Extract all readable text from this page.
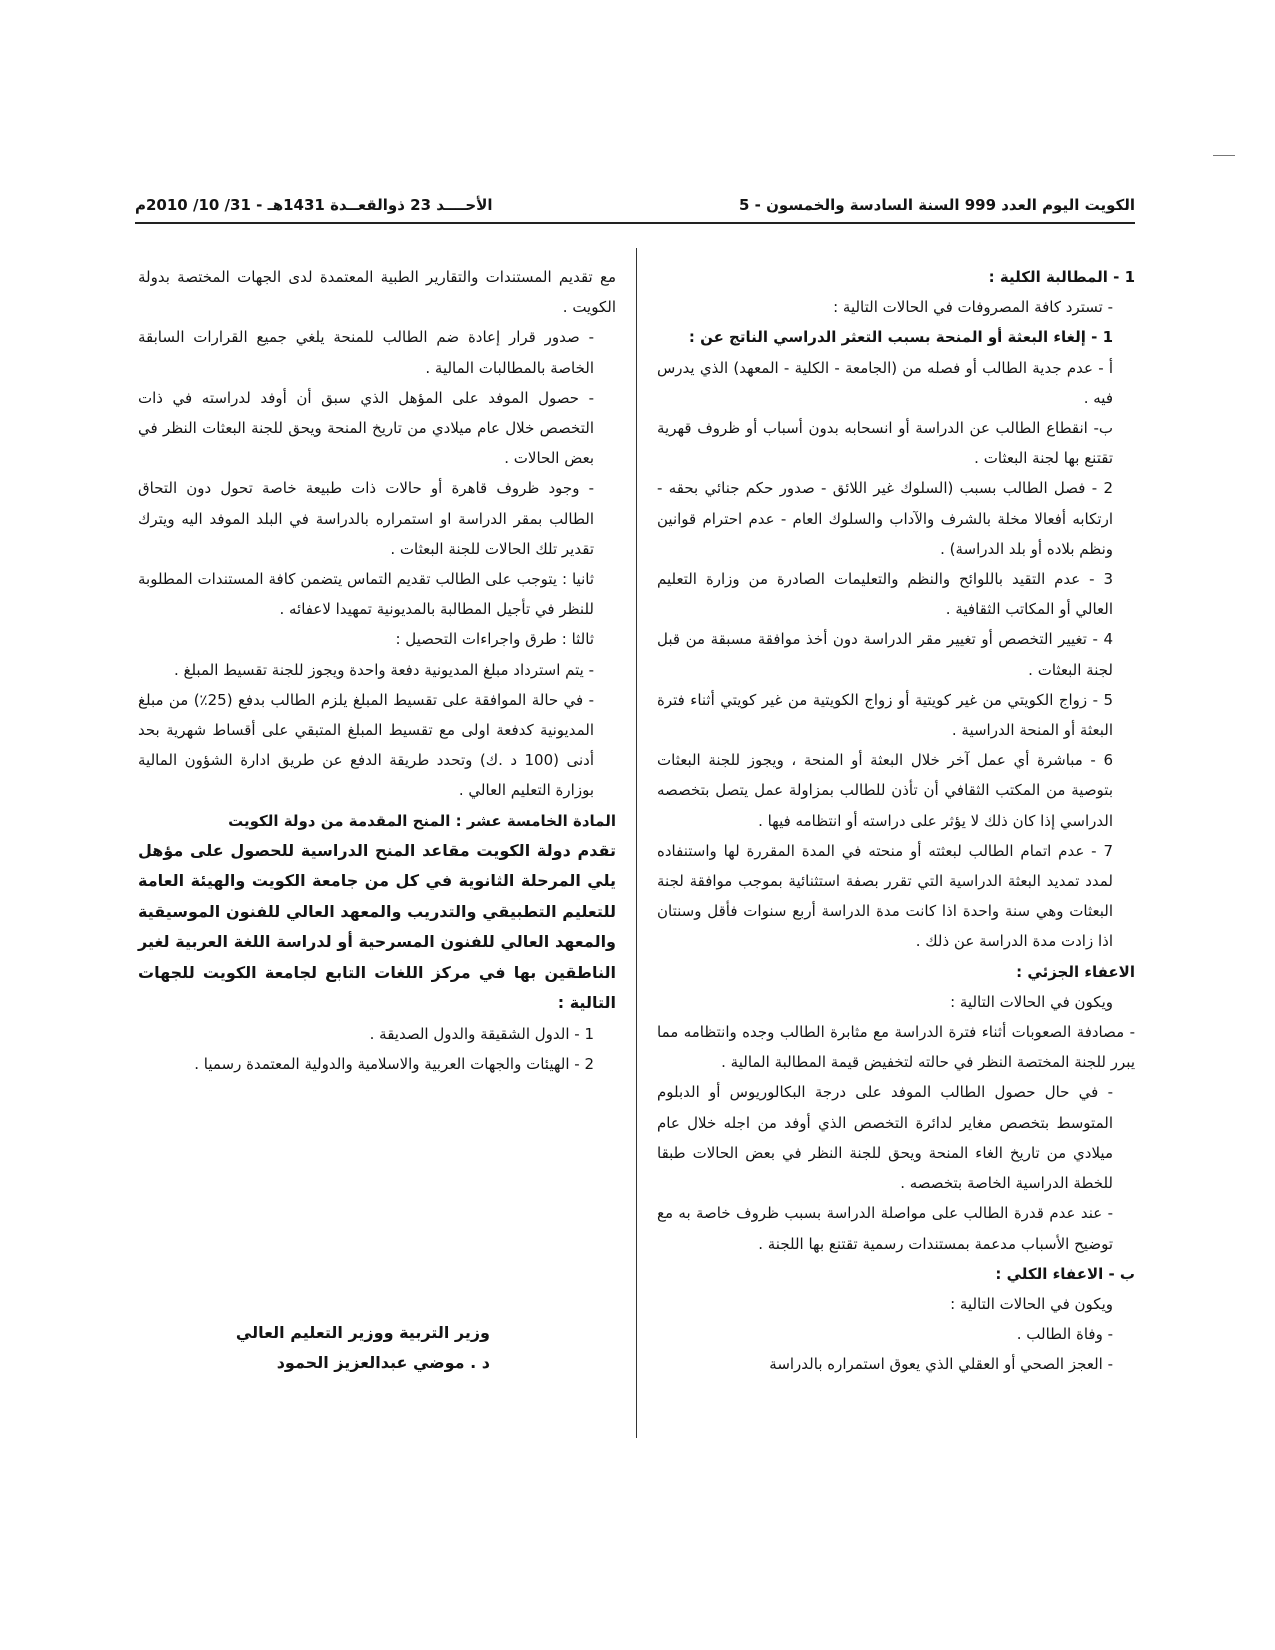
الكويت اليوم العدد 999 السنة السادسة والخمسون - 5
الأحــــد 23 ذوالقعــدة 1431هـ - 31/ 10/ 2010م

1 - المطالبة الكلية :

- تسترد كافة المصروفات في الحالات التالية :

1 - إلغاء البعثة أو المنحة بسبب التعثر الدراسي الناتج عن :

أ - عدم جدية الطالب أو فصله من (الجامعة - الكلية - المعهد) الذي يدرس فيه .

ب- انقطاع الطالب عن الدراسة أو انسحابه بدون أسباب أو ظروف قهرية تقتنع بها لجنة البعثات .

2 - فصل الطالب بسبب (السلوك غير اللائق - صدور حكم جنائي بحقه - ارتكابه أفعالا مخلة بالشرف والآداب والسلوك العام - عدم احترام قوانين ونظم بلاده أو بلد الدراسة) .

3 - عدم التقيد باللوائح والنظم والتعليمات الصادرة من وزارة التعليم العالي أو المكاتب الثقافية .

4 - تغيير التخصص أو تغيير مقر الدراسة دون أخذ موافقة مسبقة من قبل لجنة البعثات .

5 - زواج الكويتي من غير كويتية أو زواج الكويتية من غير كويتي أثناء فترة البعثة أو المنحة الدراسية .

6 - مباشرة أي عمل آخر خلال البعثة أو المنحة ، ويجوز للجنة البعثات بتوصية من المكتب الثقافي أن تأذن للطالب بمزاولة عمل يتصل بتخصصه الدراسي إذا كان ذلك لا يؤثر على دراسته أو انتظامه فيها .

7 - عدم اتمام الطالب لبعثته أو منحته في المدة المقررة لها واستنفاده لمدد تمديد البعثة الدراسية التي تقرر بصفة استثنائية بموجب موافقة لجنة البعثات وهي سنة واحدة اذا كانت مدة الدراسة أربع سنوات فأقل وسنتان اذا زادت مدة الدراسة عن ذلك .

الاعفاء الجزئي :

ويكون في الحالات التالية :

- مصادفة الصعوبات أثناء فترة الدراسة مع مثابرة الطالب وجده وانتظامه مما يبرر للجنة المختصة النظر في حالته لتخفيض قيمة المطالبة المالية .

- في حال حصول الطالب الموفد على درجة البكالوريوس أو الدبلوم المتوسط بتخصص مغاير لدائرة التخصص الذي أوفد من اجله خلال عام ميلادي من تاريخ الغاء المنحة ويحق للجنة النظر في بعض الحالات طبقا للخطة الدراسية الخاصة بتخصصه .

- عند عدم قدرة الطالب على مواصلة الدراسة بسبب ظروف خاصة به مع توضيح الأسباب مدعمة بمستندات رسمية تقتنع بها اللجنة .

ب - الاعفاء الكلي :

ويكون في الحالات التالية :

- وفاة الطالب .

- العجز الصحي أو العقلي الذي يعوق استمراره بالدراسة

مع تقديم المستندات والتقارير الطبية المعتمدة لدى الجهات المختصة بدولة الكويت .

- صدور قرار إعادة ضم الطالب للمنحة يلغي جميع القرارات السابقة الخاصة بالمطالبات المالية .

- حصول الموفد على المؤهل الذي سبق أن أوفد لدراسته في ذات التخصص خلال عام ميلادي من تاريخ المنحة ويحق للجنة البعثات النظر في بعض الحالات .

- وجود ظروف قاهرة أو حالات ذات طبيعة خاصة تحول دون التحاق الطالب بمقر الدراسة او استمراره بالدراسة في البلد الموفد اليه ويترك تقدير تلك الحالات للجنة البعثات .

ثانيا : يتوجب على الطالب تقديم التماس يتضمن كافة المستندات المطلوبة للنظر في تأجيل المطالبة بالمديونية تمهيدا لاعفائه .

ثالثا : طرق واجراءات التحصيل :

- يتم استرداد مبلغ المديونية دفعة واحدة ويجوز للجنة تقسيط المبلغ .

- في حالة الموافقة على تقسيط المبلغ يلزم الطالب بدفع (25٪) من مبلغ المديونية كدفعة اولى مع تقسيط المبلغ المتبقي على أقساط شهرية بحد أدنى (100 د .ك) وتحدد طريقة الدفع عن طريق ادارة الشؤون المالية بوزارة التعليم العالي .

المادة الخامسة عشر : المنح المقدمة من دولة الكويت

تقدم دولة الكويت مقاعد المنح الدراسية للحصول على مؤهل يلي المرحلة الثانوية في كل من جامعة الكويت والهيئة العامة للتعليم التطبيقي والتدريب والمعهد العالي للفنون الموسيقية والمعهد العالي للفنون المسرحية أو لدراسة اللغة العربية لغير الناطقين بها في مركز اللغات التابع لجامعة الكويت للجهات التالية :

1 - الدول الشقيقة والدول الصديقة .

2 - الهيئات والجهات العربية والاسلامية والدولية المعتمدة رسميا .

وزير التربية ووزير التعليم العالي
د . موضي عبدالعزيز الحمود
